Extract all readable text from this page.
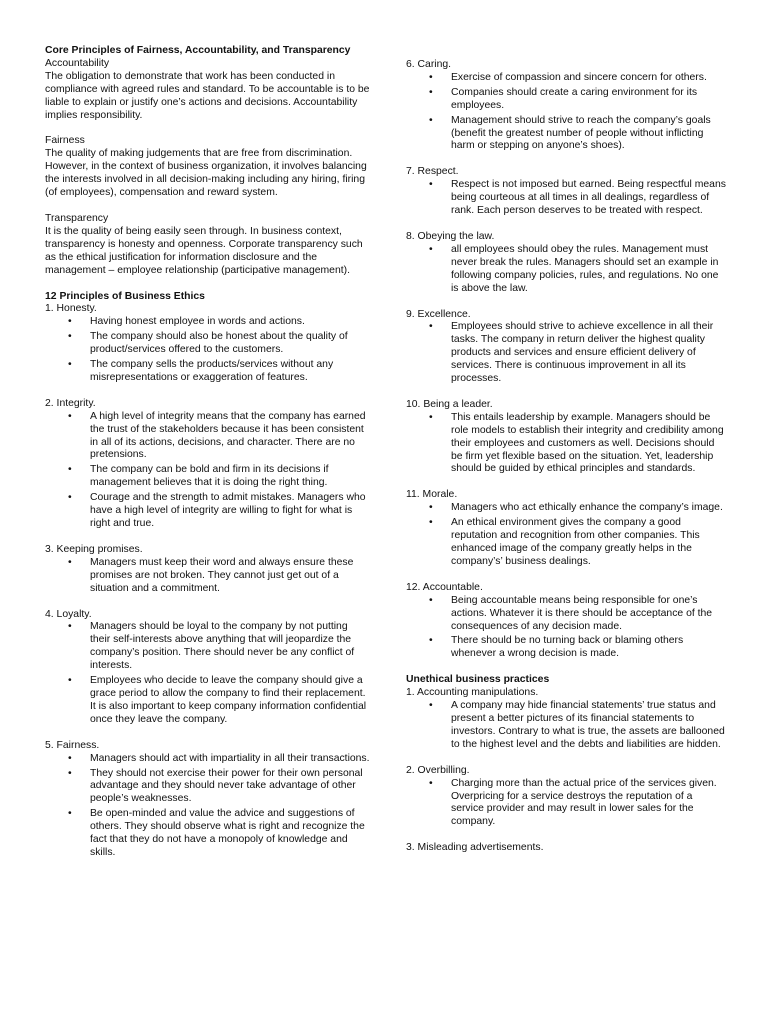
Core Principles of Fairness, Accountability, and Transparency

Accountability

The obligation to demonstrate that work has been conducted in compliance with agreed rules and standard. To be accountable is to be liable to explain or justify one’s actions and decisions. Accountability implies responsibility.

Fairness

The quality of making judgements that are free from discrimination. However, in the context of business organization, it involves balancing the interests involved in all decision-making including any hiring, firing (of employees), compensation and reward system.

Transparency

It is the quality of being easily seen through. In business context, transparency is honesty and openness. Corporate transparency such as the ethical justification for information disclosure and the management – employee relationship (participative management).

12 Principles of Business Ethics

1. Honesty.

• Having honest employee in words and actions.
• The company should also be honest about the quality of product/services offered to the customers.
• The company sells the products/services without any misrepresentations or exaggeration of features.

2. Integrity.

• A high level of integrity means that the company has earned the trust of the stakeholders because it has been consistent in all of its actions, decisions, and character. There are no pretensions.
• The company can be bold and firm in its decisions if management believes that it is doing the right thing.
• Courage and the strength to admit mistakes. Managers who have a high level of integrity are willing to fight for what is right and true.

3. Keeping promises.

• Managers must keep their word and always ensure these promises are not broken. They cannot just get out of a situation and a commitment.

4. Loyalty.

• Managers should be loyal to the company by not putting their self-interests above anything that will jeopardize the company’s position. There should never be any conflict of interests.
• Employees who decide to leave the company should give a grace period to allow the company to find their replacement. It is also important to keep company information confidential once they leave the company.

5. Fairness.

• Managers should act with impartiality in all their transactions.
• They should not exercise their power for their own personal advantage and they should never take advantage of other people’s weaknesses.
• Be open-minded and value the advice and suggestions of others. They should observe what is right and recognize the fact that they do not have a monopoly of knowledge and skills.

6. Caring.

• Exercise of compassion and sincere concern for others.
• Companies should create a caring environment for its employees.
• Management should strive to reach the company’s goals (benefit the greatest number of people without inflicting harm or stepping on anyone’s shoes).

7. Respect.

• Respect is not imposed but earned. Being respectful means being courteous at all times in all dealings, regardless of rank. Each person deserves to be treated with respect.

8. Obeying the law.

• all employees should obey the rules. Management must never break the rules. Managers should set an example in following company policies, rules, and regulations. No one is above the law.

9. Excellence.

• Employees should strive to achieve excellence in all their tasks. The company in return deliver the highest quality products and services and ensure efficient delivery of services. There is continuous improvement in all its processes.

10. Being a leader.

• This entails leadership by example. Managers should be role models to establish their integrity and credibility among their employees and customers as well. Decisions should be firm yet flexible based on the situation. Yet, leadership should be guided by ethical principles and standards.

11. Morale.

• Managers who act ethically enhance the company’s image.
• An ethical environment gives the company a good reputation and recognition from other companies. This enhanced image of the company greatly helps in the company’s’ business dealings.

12. Accountable.

• Being accountable means being responsible for one’s actions. Whatever it is there should be acceptance of the consequences of any decision made.
• There should be no turning back or blaming others whenever a wrong decision is made.

Unethical business practices

1. Accounting manipulations.

• A company may hide financial statements’ true status and present a better pictures of its financial statements to investors. Contrary to what is true, the assets are ballooned to the highest level and the debts and liabilities are hidden.

2. Overbilling.

• Charging more than the actual price of the services given. Overpricing for a service destroys the reputation of a service provider and may result in lower sales for the company.

3. Misleading advertisements.
